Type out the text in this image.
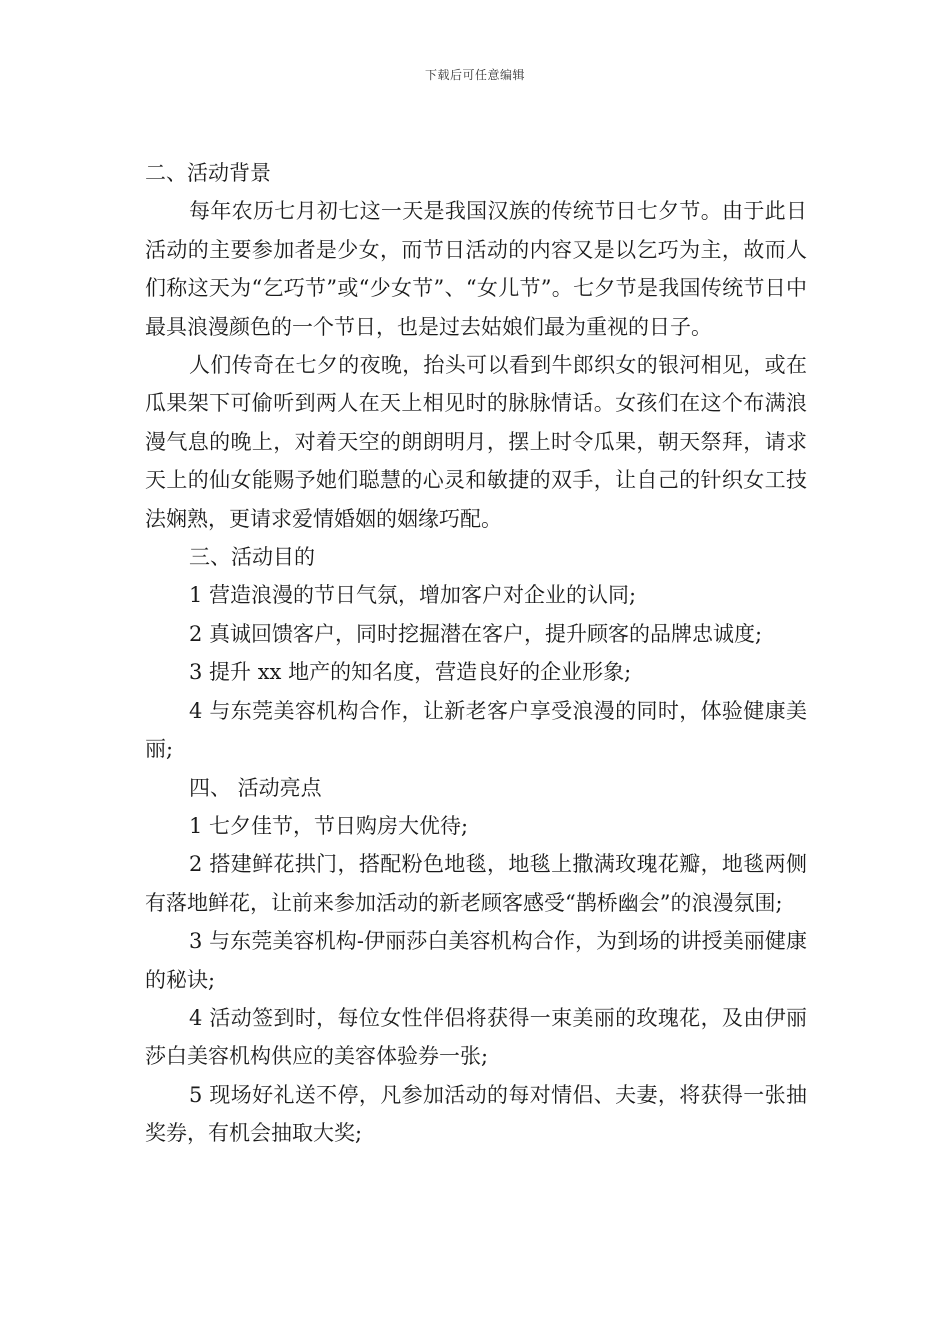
下载后可任意编辑

二、活动背景

每年农历七月初七这一天是我国汉族的传统节日七夕节。由于此日活动的主要参加者是少女，而节日活动的内容又是以乞巧为主，故而人们称这天为“乞巧节”或“少女节”、“女儿节”。七夕节是我国传统节日中最具浪漫颜色的一个节日，也是过去姑娘们最为重视的日子。

人们传奇在七夕的夜晚，抬头可以看到牛郎织女的银河相见，或在瓜果架下可偷听到两人在天上相见时的脉脉情话。女孩们在这个布满浪漫气息的晚上，对着天空的朗朗明月，摆上时令瓜果，朝天祭拜，请求天上的仙女能赐予她们聪慧的心灵和敏捷的双手，让自己的针织女工技法娴熟，更请求爱情婚姻的姻缘巧配。

三、活动目的

1 营造浪漫的节日气氛，增加客户对企业的认同;

2 真诚回馈客户，同时挖掘潜在客户，提升顾客的品牌忠诚度;

3 提升 xx 地产的知名度，营造良好的企业形象;

4 与东莞美容机构合作，让新老客户享受浪漫的同时，体验健康美丽;

四、 活动亮点

1 七夕佳节，节日购房大优待;

2 搭建鲜花拱门，搭配粉色地毯，地毯上撒满玫瑰花瓣，地毯两侧有落地鲜花，让前来参加活动的新老顾客感受“鹊桥幽会”的浪漫氛围;

3 与东莞美容机构-伊丽莎白美容机构合作，为到场的讲授美丽健康的秘诀;

4 活动签到时，每位女性伴侣将获得一束美丽的玫瑰花，及由伊丽莎白美容机构供应的美容体验券一张;

5 现场好礼送不停，凡参加活动的每对情侣、夫妻，将获得一张抽奖券，有机会抽取大奖;
